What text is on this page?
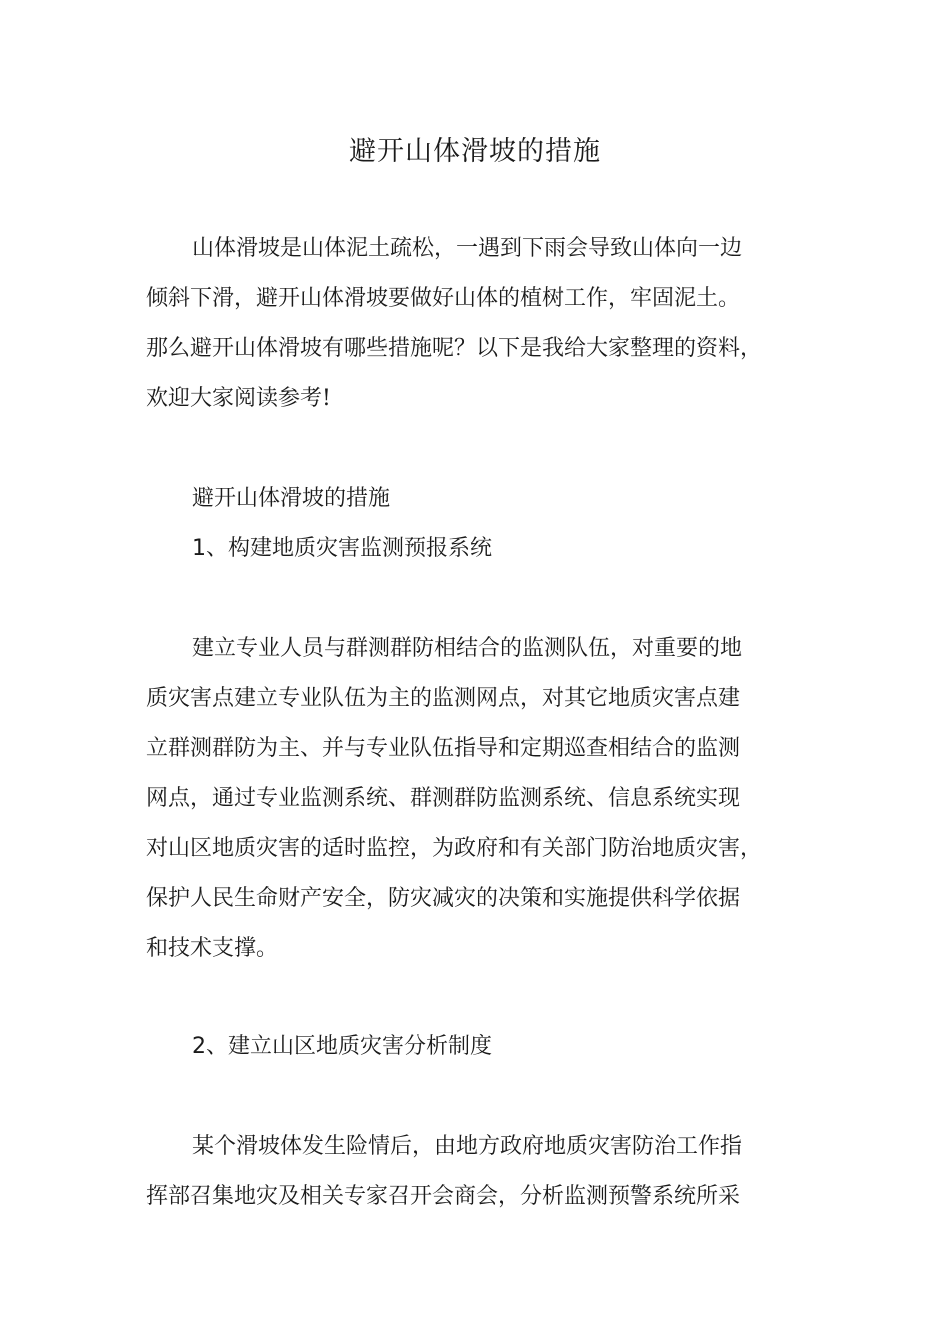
避开山体滑坡的措施
山体滑坡是山体泥土疏松，一遇到下雨会导致山体向一边
倾斜下滑，避开山体滑坡要做好山体的植树工作，牢固泥土。
那么避开山体滑坡有哪些措施呢？以下是我给大家整理的资料，
欢迎大家阅读参考!
避开山体滑坡的措施
1、构建地质灾害监测预报系统
建立专业人员与群测群防相结合的监测队伍，对重要的地
质灾害点建立专业队伍为主的监测网点，对其它地质灾害点建
立群测群防为主、并与专业队伍指导和定期巡查相结合的监测
网点，通过专业监测系统、群测群防监测系统、信息系统实现
对山区地质灾害的适时监控，为政府和有关部门防治地质灾害，
保护人民生命财产安全，防灾减灾的决策和实施提供科学依据
和技术支撑。
2、建立山区地质灾害分析制度
某个滑坡体发生险情后，由地方政府地质灾害防治工作指
挥部召集地灾及相关专家召开会商会，分析监测预警系统所采
